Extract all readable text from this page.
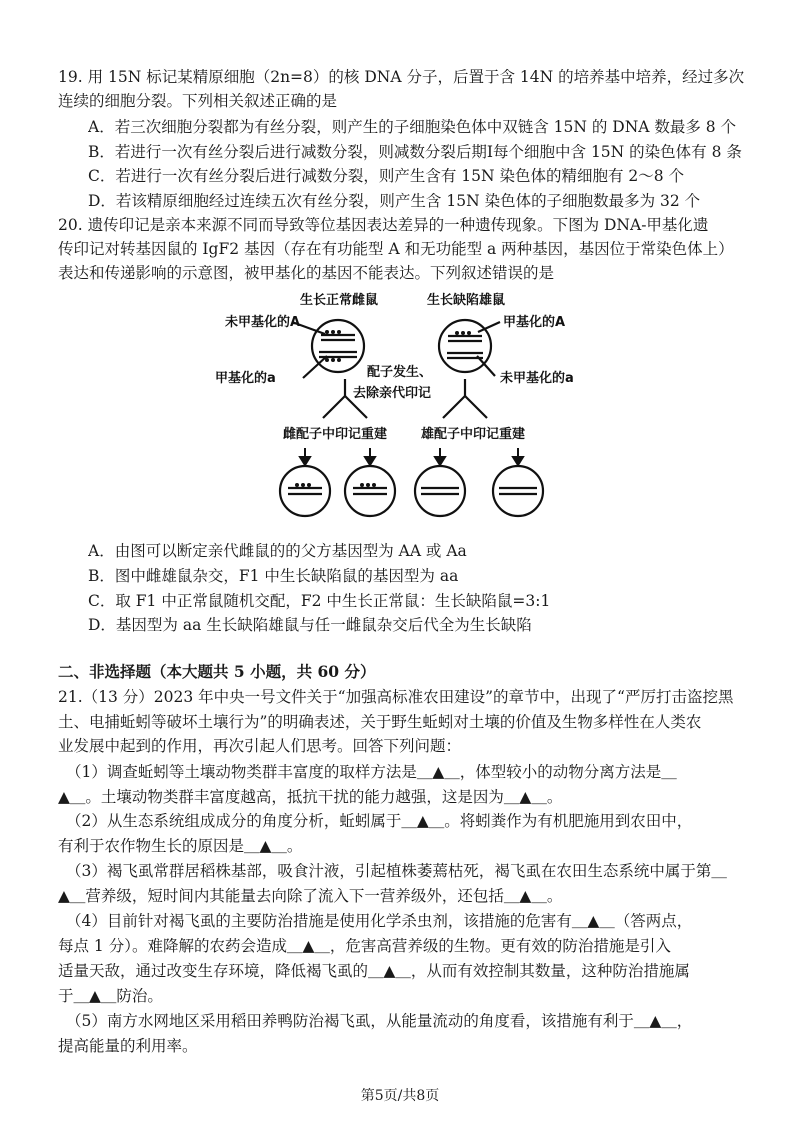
19. 用 15N 标记某精原细胞（2n=8）的核 DNA 分子，后置于含 14N 的培养基中培养，经过多次
连续的细胞分裂。下列相关叙述正确的是
A．若三次细胞分裂都为有丝分裂，则产生的子细胞染色体中双链含 15N 的 DNA 数最多 8 个
B．若进行一次有丝分裂后进行减数分裂，则减数分裂后期Ⅰ每个细胞中含 15N 的染色体有 8 条
C．若进行一次有丝分裂后进行减数分裂，则产生含有 15N 染色体的精细胞有 2～8 个
D．若该精原细胞经过连续五次有丝分裂，则产生含 15N 染色体的子细胞数最多为 32 个
20. 遗传印记是亲本来源不同而导致等位基因表达差异的一种遗传现象。下图为 DNA-甲基化遗
传印记对转基因鼠的 IgF2 基因（存在有功能型 A 和无功能型 a 两种基因，基因位于常染色体上）
表达和传递影响的示意图，被甲基化的基因不能表达。下列叙述错误的是
生长正常雌鼠	生长缺陷雄鼠
未甲基化的A	甲基化的A
甲基化的a	未甲基化的a
配子发生、
去除亲代印记
雌配子中印记重建	雄配子中印记重建
A．由图可以断定亲代雌鼠的的父方基因型为 AA 或 Aa
B．图中雌雄鼠杂交，F1 中生长缺陷鼠的基因型为 aa
C．取 F1 中正常鼠随机交配，F2 中生长正常鼠：生长缺陷鼠=3:1
D．基因型为 aa 生长缺陷雄鼠与任一雌鼠杂交后代全为生长缺陷
二、非选择题（本大题共 5 小题，共 60 分）
21.（13 分）2023 年中央一号文件关于“加强高标准农田建设”的章节中，出现了“严厉打击盗挖黑
土、电捕蚯蚓等破坏土壤行为”的明确表述，关于野生蚯蚓对土壤的价值及生物多样性在人类农
业发展中起到的作用，再次引起人们思考。回答下列问题：
（1）调查蚯蚓等土壤动物类群丰富度的取样方法是＿▲＿，体型较小的动物分离方法是＿
▲＿。土壤动物类群丰富度越高，抵抗干扰的能力越强，这是因为＿▲＿。
（2）从生态系统组成成分的角度分析，蚯蚓属于＿▲＿。将蚓粪作为有机肥施用到农田中，
有利于农作物生长的原因是＿▲＿。
（3）褐飞虱常群居稻株基部，吸食汁液，引起植株萎蔫枯死，褐飞虱在农田生态系统中属于第＿
▲＿营养级，短时间内其能量去向除了流入下一营养级外，还包括＿▲＿。
（4）目前针对褐飞虱的主要防治措施是使用化学杀虫剂，该措施的危害有＿▲＿（答两点，
每点 1 分）。难降解的农药会造成＿▲＿，危害高营养级的生物。更有效的防治措施是引入
适量天敌，通过改变生存环境，降低褐飞虱的＿▲＿，从而有效控制其数量，这种防治措施属
于＿▲＿防治。
（5）南方水网地区采用稻田养鸭防治褐飞虱，从能量流动的角度看，该措施有利于＿▲＿，
提高能量的利用率。
第5页/共8页
